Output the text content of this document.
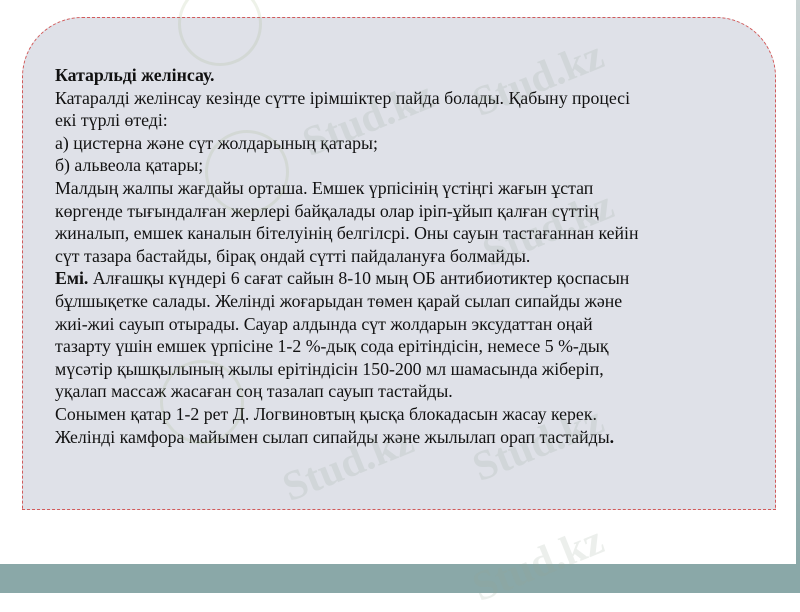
Катарльді желінсау.
Катаралді желінсау кезінде сүтте ірімшіктер пайда болады. Қабыну процесі
екі түрлі өтеді:
а) цистерна және сүт жолдарының қатары;
б) альвеола қатары;
Малдың жалпы жағдайы орташа. Емшек үрпісінің үстіңгі жағын ұстап
көргенде тығындалған жерлері байқалады олар іріп-ұйып қалған сүттің
жиналып, емшек каналын бітелуінің белгілсрі. Оны сауын тастағаннан кейін
сүт тазара бастайды, бірақ ондай сүтті пайдалануға болмайды.
Емі. Алғашқы күндері 6 сағат сайын 8-10 мың ОБ антибиотиктер қоспасын
бұлшықетке салады. Желінді жоғарыдан төмен қарай сылап сипайды және
жиі-жиі сауып отырады. Сауар алдында сүт жолдарын эксудаттан оңай
тазарту үшін емшек үрпісіне 1-2 %-дық сода ерітіндісін, немесе 5 %-дық
мүсәтір қышқылының жылы ерітіндісін 150-200 мл шамасында жіберіп,
уқалап массаж жасаған соң тазалап сауып тастайды.
Сонымен қатар 1-2 рет Д. Логвиновтың қысқа блокадасын жасау керек.
Желінді камфора майымен сылап сипайды және жылылап орап тастайды.
